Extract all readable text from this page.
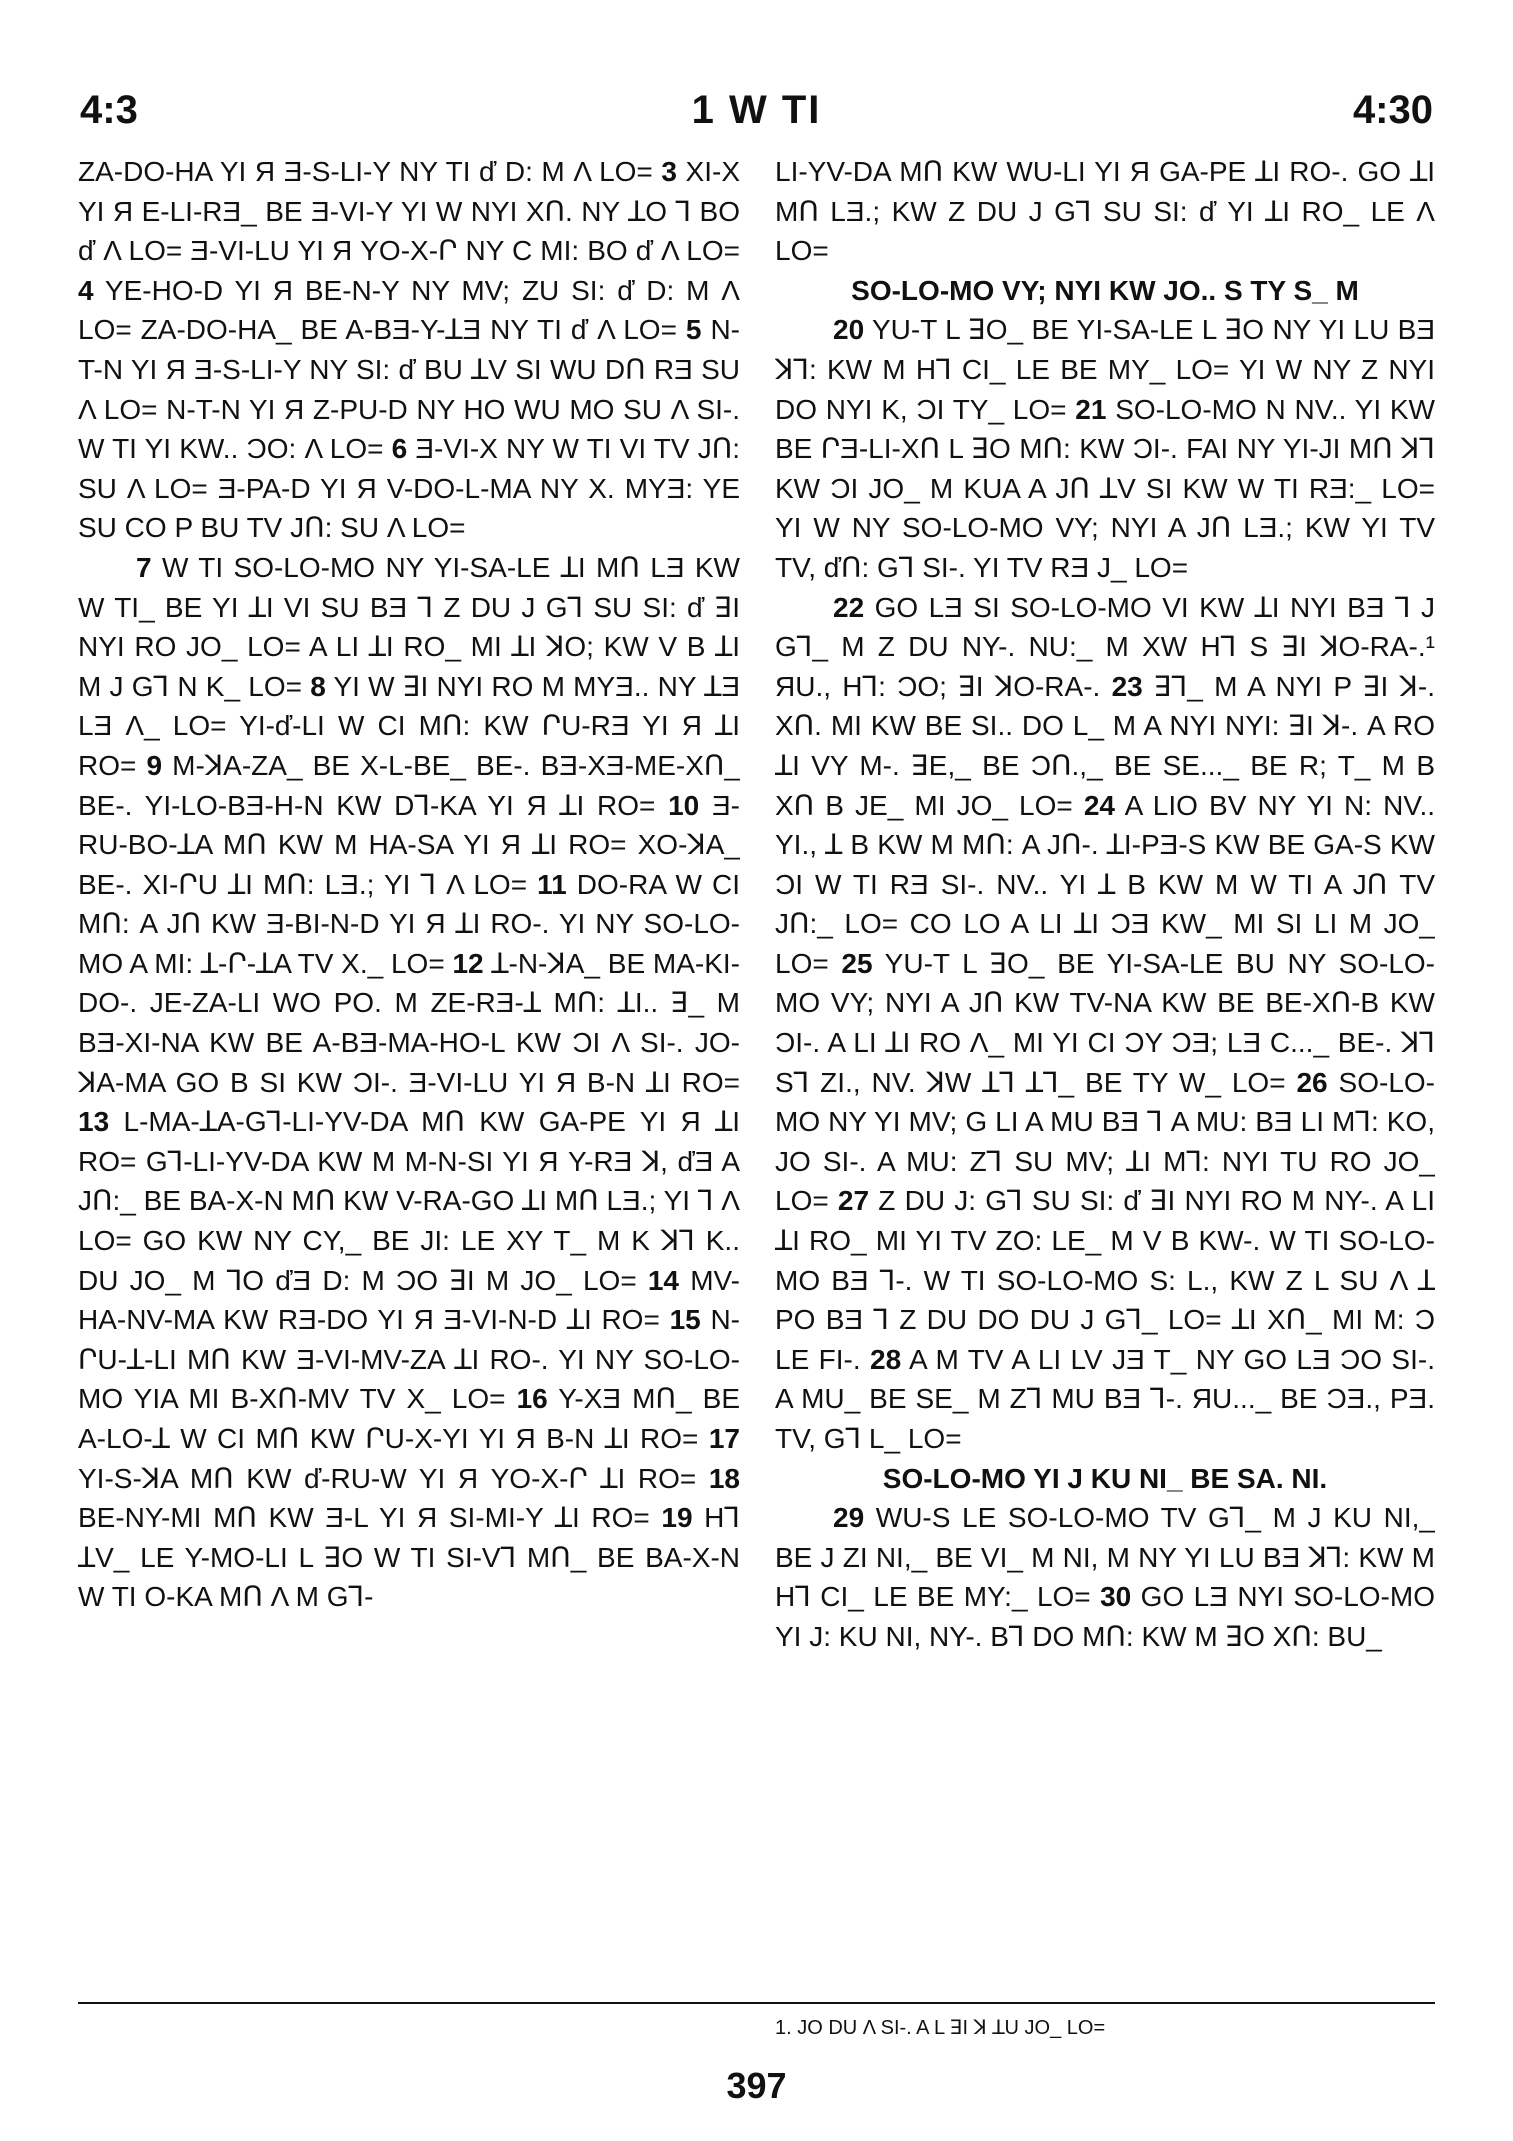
1 W TI
4:3	4:30

ZA-DO-HA YI Я Ǝ-S-LI-Y NY TI ď D: M Λ LO= 3 XI-X YI Я E-LI-RƎ_ BE Ǝ-VI-Y YI W NYI XՈ. NY ꓕO ꓶ BO ď Λ LO= Ǝ-VI-LU YI Я YO-X-Ր NY C MI: BO ď Λ LO= 4 YE-HO-D YI Я BE-N-Y NY MV; ZU SI: ď D: M Λ LO= ZA-DO-HA_ BE A-BƎ-Y-ꓕƎ NY TI ď Λ LO= 5 N-T-N YI Я Ǝ-S-LI-Y NY SI: ď BU ꓕV SI WU DՈ RƎ SU Λ LO= N-T-N YI Я Z-PU-D NY HO WU MO SU Λ SI-. W TI YI KW.. ϽO: Λ LO= 6 Ǝ-VI-X NY W TI VI TV JՈ: SU Λ LO= Ǝ-PA-D YI Я V-DO-L-MA NY X. MYƎ: YE SU CO P BU TV JՈ: SU Λ LO=

7 W TI SO-LO-MO NY YI-SA-LE ꓕI MՈ LƎ KW W TI_ BE YI ꓕI VI SU BƎ ꓶ Z DU J Gꓶ SU SI: ď ꓱI NYI RO JO_ LO= A LI ꓕI RO_ MI ꓕI ꓘO; KW V B ꓕI M J Gꓶ N K_ LO= 8 YI W ꓱI NYI RO M MYƎ.. NY ꓕƎ LƎ Λ_ LO= YI-ď-LI W CI MՈ: KW ՐU-RƎ YI Я ꓕI RO= 9 M-ꓘA-ZA_ BE X-L-BE_ BE-. BƎ-XƎ-ME-XՈ_ BE-. YI-LO-BƎ-H-N KW Dꓶ-KA YI Я ꓕI RO= 10 Ǝ-RU-BO-ꓕA MՈ KW M HA-SA YI Я ꓕI RO= XO-ꓘA_ BE-. XI-ՐU ꓕI MՈ: LƎ.; YI ꓶ Λ LO= 11 DO-RA W CI MՈ: A JՈ KW Ǝ-BI-N-D YI Я ꓕI RO-. YI NY SO-LO-MO A MI: ꓕ-Ր-ꓕA TV X._ LO= 12 ꓕ-N-ꓘA_ BE MA-KI-DO-. JE-ZA-LI WO PO. M ZE-RƎ-ꓕ MՈ: ꓕI.. ꓱ_ M BƎ-XI-NA KW BE A-BƎ-MA-HO-L KW ϽI Λ SI-. JO-ꓘA-MA GO B SI KW ϽI-. Ǝ-VI-LU YI Я B-N ꓕI RO= 13 L-MA-ꓕA-Gꓶ-LI-YV-DA MՈ KW GA-PE YI Я ꓕI RO= Gꓶ-LI-YV-DA KW M M-N-SI YI Я Y-RƎ ꓘ, ďƎ A JՈ:_ BE BA-X-N MՈ KW V-RA-GO ꓕI MՈ LƎ.; YI ꓶ Λ LO= GO KW NY CY,_ BE JI: LE XY T_ M K ꓘꓶ K.. DU JO_ M ꓶO ďƎ D: M ϽO ꓱI M JO_ LO= 14 MV-HA-NV-MA KW RƎ-DO YI Я Ǝ-VI-N-D ꓕI RO= 15 N-ՐU-ꓕ-LI MՈ KW Ǝ-VI-MV-ZA ꓕI RO-. YI NY SO-LO-MO YIA MI B-XՈ-MV TV X_ LO= 16 Y-XƎ MՈ_ BE A-LO-ꓕ W CI MՈ KW ՐU-X-YI YI Я B-N ꓕI RO= 17 YI-S-ꓘA MՈ KW ď-RU-W YI Я YO-X-Ր ꓕI RO= 18 BE-NY-MI MՈ KW Ǝ-L YI Я SI-MI-Y ꓕI RO= 19 Hꓶ ꓕV_ LE Y-MO-LI L ꓱO W TI SI-Vꓶ MՈ_ BE BA-X-N W TI O-KA MՈ Λ M Gꓶ-

LI-YV-DA MՈ KW WU-LI YI Я GA-PE ꓕI RO-. GO ꓕI MՈ LƎ.; KW Z DU J Gꓶ SU SI: ď YI ꓕI RO_ LE Λ LO=

SO-LO-MO VY; NYI KW JO.. S TY S_ M

20 YU-T L ꓱO_ BE YI-SA-LE L ꓱO NY YI LU BƎ ꓘꓶ: KW M Hꓶ CI_ LE BE MY_ LO= YI W NY Z NYI DO NYI K, ϽI TY_ LO= 21 SO-LO-MO N NV.. YI KW BE ՐƎ-LI-XՈ L ꓱO MՈ: KW ϽI-. FAI NY YI-JI MՈ ꓘꓶ KW ϽI JO_ M KUA A JՈ ꓕV SI KW W TI RƎ:_ LO= YI W NY SO-LO-MO VY; NYI A JՈ LƎ.; KW YI TV TV, ďՈ: Gꓶ SI-. YI TV RƎ J_ LO=

22 GO LƎ SI SO-LO-MO VI KW ꓕI NYI BƎ ꓶ J Gꓶ_ M Z DU NY-. NU:_ M XW Hꓶ S ꓱI ꓘO-RA-.¹ ЯU., Hꓶ: ϽO; ꓱI ꓘO-RA-. 23 ꓱꓶ_ M A NYI P ꓱI ꓘ-. XՈ. MI KW BE SI.. DO L_ M A NYI NYI: ꓱI ꓘ-. A RO ꓕI VY M-. ꓱE,_ BE ϽՈ.,_ BE SE..._ BE R; T_ M B XՈ B JE_ MI JO_ LO= 24 A LIO BV NY YI N: NV.. YI., ꓕ B KW M MՈ: A JՈ-. ꓕI-PƎ-S KW BE GA-S KW ϽI W TI RƎ SI-. NV.. YI ꓕ B KW M W TI A JՈ TV JՈ:_ LO= CO LO A LI ꓕI ϽƎ KW_ MI SI LI M JO_ LO= 25 YU-T L ꓱO_ BE YI-SA-LE BU NY SO-LO-MO VY; NYI A JՈ KW TV-NA KW BE BE-XՈ-B KW ϽI-. A LI ꓕI RO Λ_ MI YI CI ϽY ϽƎ; LƎ C..._ BE-. ꓘꓶ Sꓶ ZI., NV. ꓘW ꓕꓶ ꓕꓶ_ BE TY W_ LO= 26 SO-LO-MO NY YI MV; G LI A MU BƎ ꓶ A MU: BƎ LI Mꓶ: KO, JO SI-. A MU: Zꓶ SU MV; ꓕI Mꓶ: NYI TU RO JO_ LO= 27 Z DU J: Gꓶ SU SI: ď ꓱI NYI RO M NY-. A LI ꓕI RO_ MI YI TV ZO: LE_ M V B KW-. W TI SO-LO-MO BƎ ꓶ-. W TI SO-LO-MO S: L., KW Z L SU Λ ꓕ PO BƎ ꓶ Z DU DO DU J Gꓶ_ LO= ꓕI XՈ_ MI M: Ͻ LE FI-. 28 A M TV A LI LV JƎ T_ NY GO LƎ ϽO SI-. A MU_ BE SE_ M Zꓶ MU BƎ ꓶ-. ЯU..._ BE ϽƎ., PƎ. TV, Gꓶ L_ LO=

SO-LO-MO YI J KU NI_ BE SA. NI.

29 WU-S LE SO-LO-MO TV Gꓶ_ M J KU NI,_ BE J ZI NI,_ BE VI_ M NI, M NY YI LU BƎ ꓘꓶ: KW M Hꓶ CI_ LE BE MY:_ LO= 30 GO LƎ NYI SO-LO-MO YI J: KU NI, NY-. Bꓶ DO MՈ: KW M ꓱO XՈ: BU_

1. JO DU Λ SI-. A L ꓱI ꓘ ꓕU JO_ LO=
397
